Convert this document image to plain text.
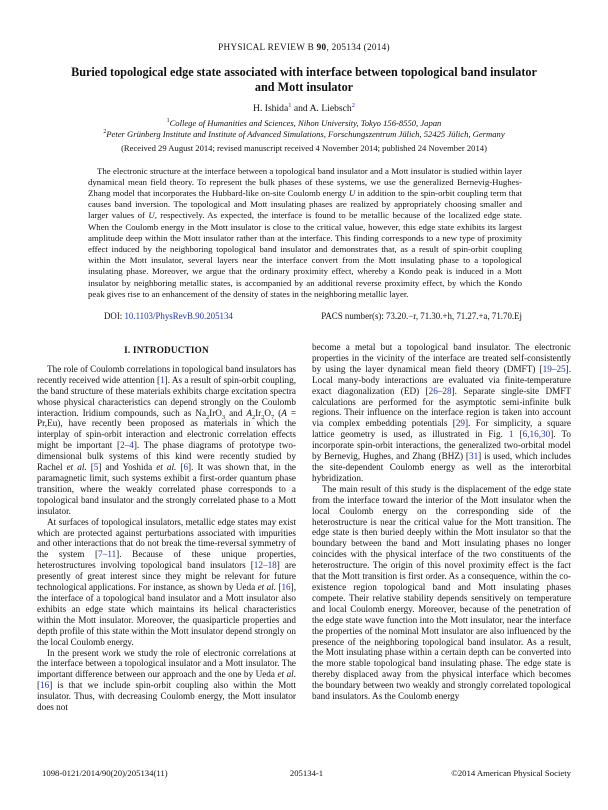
PHYSICAL REVIEW B 90, 205134 (2014)
Buried topological edge state associated with interface between topological band insulator and Mott insulator
H. Ishida$^1$ and A. Liebsch$^2$
$^1$College of Humanities and Sciences, Nihon University, Tokyo 156-8550, Japan
$^2$Peter Grünberg Institute and Institute of Advanced Simulations, Forschungszentrum Jülich, 52425 Jülich, Germany
(Received 29 August 2014; revised manuscript received 4 November 2014; published 24 November 2014)

The electronic structure at the interface between a topological band insulator and a Mott insulator is studied within layer dynamical mean field theory. To represent the bulk phases of these systems, we use the generalized Bernevig-Hughes-Zhang model that incorporates the Hubbard-like on-site Coulomb energy U in addition to the spin-orbit coupling term that causes band inversion. The topological and Mott insulating phases are realized by appropriately choosing smaller and larger values of U, respectively. As expected, the interface is found to be metallic because of the localized edge state. When the Coulomb energy in the Mott insulator is close to the critical value, however, this edge state exhibits its largest amplitude deep within the Mott insulator rather than at the interface. This finding corresponds to a new type of proximity effect induced by the neighboring topological band insulator and demonstrates that, as a result of spin-orbit coupling within the Mott insulator, several layers near the interface convert from the Mott insulating phase to a topological insulating phase. Moreover, we argue that the ordinary proximity effect, whereby a Kondo peak is induced in a Mott insulator by neighboring metallic states, is accompanied by an additional reverse proximity effect, by which the Kondo peak gives rise to an enhancement of the density of states in the neighboring metallic layer.

DOI: 10.1103/PhysRevB.90.205134	PACS number(s): 73.20.−r, 71.30.+h, 71.27.+a, 71.70.Ej
I. INTRODUCTION

The role of Coulomb correlations in topological band insulators has recently received wide attention [1]. As a result of spin-orbit coupling, the band structure of these materials exhibits charge excitation spectra whose physical characteristics can depend strongly on the Coulomb interaction. Iridium compounds, such as $Na_2IrO_3$ and $A_2Ir_2O_7$ (A = Pr,Eu), have recently been proposed as materials in which the interplay of spin-orbit interaction and electronic correlation effects might be important [2–4]. The phase diagrams of prototype two-dimensional bulk systems of this kind were recently studied by Rachel et al. [5] and Yoshida et al. [6]. It was shown that, in the paramagnetic limit, such systems exhibit a first-order quantum phase transition, where the weakly correlated phase corresponds to a topological band insulator and the strongly correlated phase to a Mott insulator.

At surfaces of topological insulators, metallic edge states may exist which are protected against perturbations associated with impurities and other interactions that do not break the time-reversal symmetry of the system [7–11]. Because of these unique properties, heterostructures involving topological band insulators [12–18] are presently of great interest since they might be relevant for future technological applications. For instance, as shown by Ueda et al. [16], the interface of a topological band insulator and a Mott insulator also exhibits an edge state which maintains its helical characteristics within the Mott insulator. Moreover, the quasiparticle properties and depth profile of this state within the Mott insulator depend strongly on the local Coulomb energy.

In the present work we study the role of electronic correlations at the interface between a topological insulator and a Mott insulator. The important difference between our approach and the one by Ueda et al. [16] is that we include spin-orbit coupling also within the Mott insulator. Thus, with decreasing Coulomb energy, the Mott insulator does not

become a metal but a topological band insulator. The electronic properties in the vicinity of the interface are treated self-consistently by using the layer dynamical mean field theory (DMFT) [19–25]. Local many-body interactions are evaluated via finite-temperature exact diagonalization (ED) [26–28]. Separate single-site DMFT calculations are performed for the asymptotic semi-infinite bulk regions. Their influence on the interface region is taken into account via complex embedding potentials [29]. For simplicity, a square lattice geometry is used, as illustrated in Fig. 1 [6,16,30]. To incorporate spin-orbit interactions, the generalized two-orbital model by Bernevig, Hughes, and Zhang (BHZ) [31] is used, which includes the site-dependent Coulomb energy as well as the interorbital hybridization.

The main result of this study is the displacement of the edge state from the interface toward the interior of the Mott insulator when the local Coulomb energy on the corresponding side of the heterostructure is near the critical value for the Mott transition. The edge state is then buried deeply within the Mott insulator so that the boundary between the band and Mott insulating phases no longer coincides with the physical interface of the two constituents of the heterostructure. The origin of this novel proximity effect is the fact that the Mott transition is first order. As a consequence, within the co-existence region topological band and Mott insulating phases compete. Their relative stability depends sensitively on temperature and local Coulomb energy. Moreover, because of the penetration of the edge state wave function into the Mott insulator, near the interface the properties of the nominal Mott insulator are also influenced by the presence of the neighboring topological band insulator. As a result, the Mott insulating phase within a certain depth can be converted into the more stable topological band insulating phase. The edge state is thereby displaced away from the physical interface which becomes the boundary between two weakly and strongly correlated topological band insulators. As the Coulomb energy

1098-0121/2014/90(20)/205134(11)	205134-1	©2014 American Physical Society
